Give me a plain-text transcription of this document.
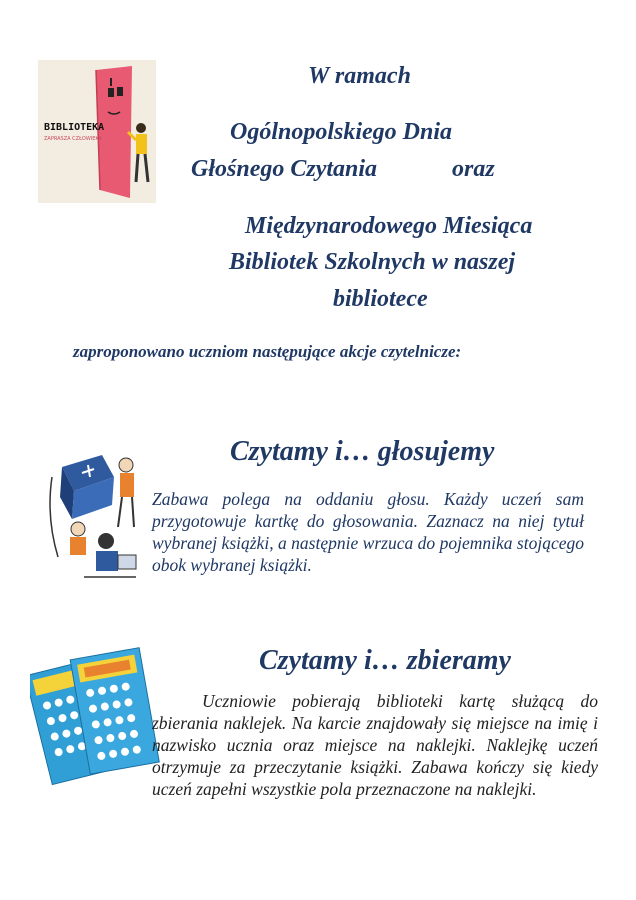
BIBLIOTEKA
ZAPRASZA CZŁOWIEKA
W ramach
Ogólnopolskiego Dnia
Głośnego Czytania	oraz
Międzynarodowego Miesiąca
Bibliotek Szkolnych w naszej
bibliotece
zaproponowano uczniom następujące akcje czytelnicze:
Czytamy i… głosujemy
Zabawa polega na oddaniu głosu. Każdy uczeń sam przygotowuje kartkę do głosowania. Zaznacz na niej tytuł wybranej książki, a następnie wrzuca do pojemnika stojącego obok wybranej książki.
Czytamy i… zbieramy
Uczniowie pobierają biblioteki kartę służącą do zbierania naklejek. Na karcie znajdowały się miejsce na imię i nazwisko ucznia oraz miejsce na naklejki. Naklejkę uczeń otrzymuje za przeczytanie książki. Zabawa kończy się kiedy uczeń zapełni wszystkie pola przeznaczone na naklejki.
